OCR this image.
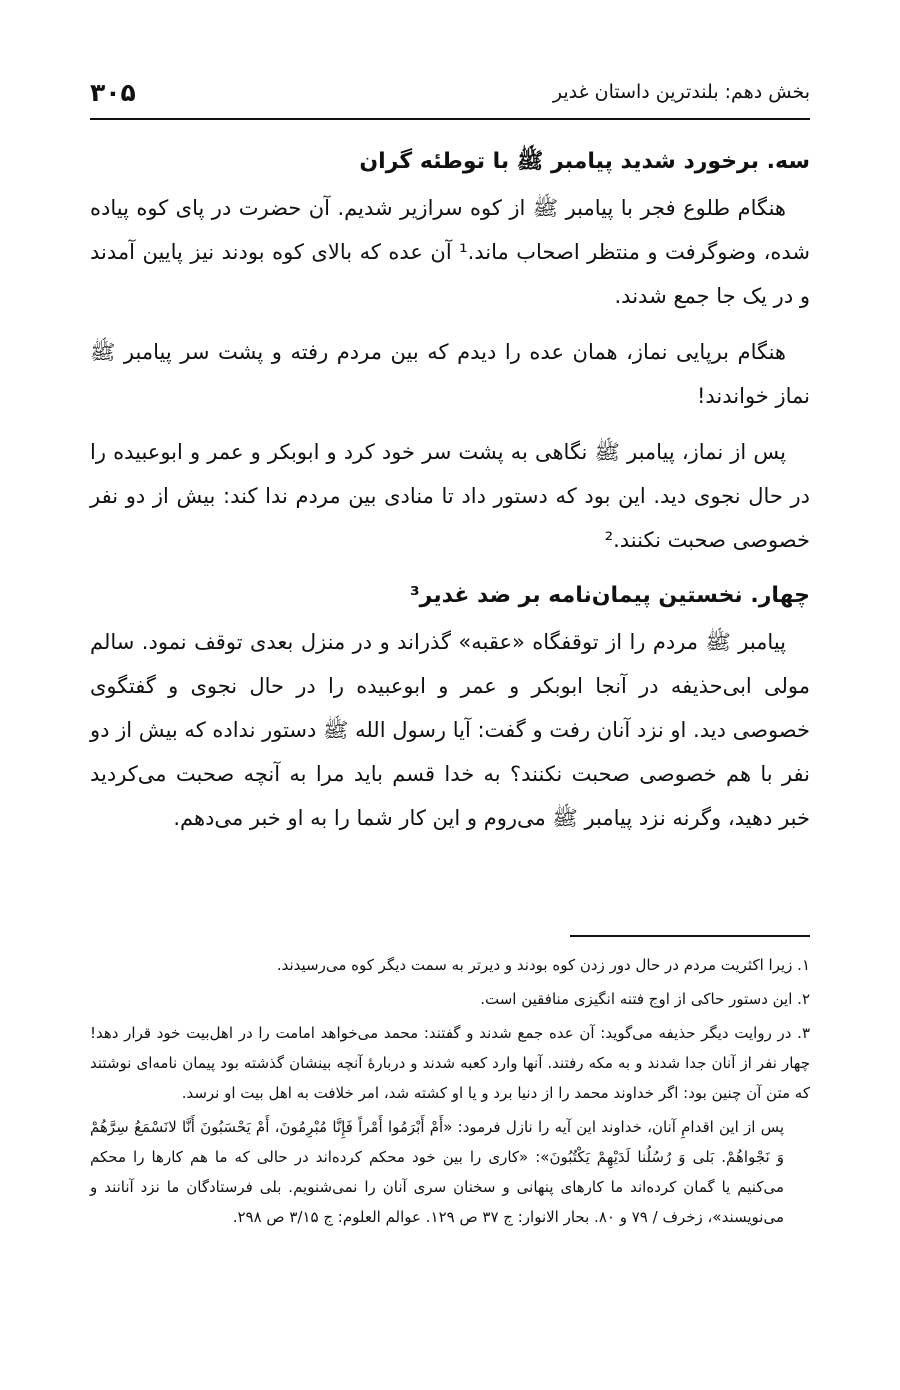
بخش دهم: بلندترین داستان غدیر
۳۰۵
سه. برخورد شدید پیامبر ﷺ با توطئه گران

هنگام طلوع فجر با پیامبر ﷺ از کوه سرازیر شدیم. آن حضرت در پای کوه پیاده شده، وضوگرفت و منتظر اصحاب ماند.¹ آن عده که بالای کوه بودند نیز پایین آمدند و در یک جا جمع شدند.

هنگام برپایی نماز، همان عده را دیدم که بین مردم رفته و پشت سر پیامبر ﷺ نماز خواندند!

پس از نماز، پیامبر ﷺ نگاهی به پشت سر خود کرد و ابوبکر و عمر و ابوعبیده را در حال نجوی دید. این بود که دستور داد تا منادی بین مردم ندا کند: بیش از دو نفر خصوصی صحبت نکنند.²

چهار. نخستین پیمان‌نامه بر ضد غدیر³

پیامبر ﷺ مردم را از توقفگاه «عقبه» گذراند و در منزل بعدی توقف نمود. سالم مولی ابی‌حذیفه در آنجا ابوبکر و عمر و ابوعبیده را در حال نجوی و گفتگوی خصوصی دید. او نزد آنان رفت و گفت: آیا رسول الله ﷺ دستور نداده که بیش از دو نفر با هم خصوصی صحبت نکنند؟ به خدا قسم باید مرا به آنچه صحبت می‌کردید خبر دهید، وگرنه نزد پیامبر ﷺ می‌روم و این کار شما را به او خبر می‌دهم.

۱. زیرا اکثریت مردم در حال دور زدن کوه بودند و دیرتر به سمت دیگر کوه می‌رسیدند.

۲. این دستور حاکی از اوج فتنه انگیزی منافقین است.

۳. در روایت دیگر حذیفه می‌گوید: آن عده جمع شدند و گفتند: محمد می‌خواهد امامت را در اهل‌بیت خود قرار دهد! چهار نفر از آنان جدا شدند و به مکه رفتند. آنها وارد کعبه شدند و دربارهٔ آنچه بینشان گذشته بود پیمان نامه‌ای نوشتند که متن آن چنین بود: اگر خداوند محمد را از دنیا برد و یا او کشته شد، امر خلافت به اهل بیت او نرسد.

پس از این اقدامِ آنان، خداوند این آیه را نازل فرمود: «أَمْ أَبْرَمُوا أَمْراً فَإِنَّا مُبْرِمُونَ، أَمْ يَحْسَبُونَ أَنَّا لانَسْمَعُ سِرَّهُمْ وَ نَجْواهُمْ. بَلى وَ رُسُلُنا لَدَيْهِمْ يَكْتُبُونَ»: «کاری را بین خود محکم کرده‌اند در حالی که ما هم کارها را محکم می‌کنیم یا گمان کرده‌اند ما کارهای پنهانی و سخنان سری آنان را نمی‌شنویم. بلی فرستادگان ما نزد آنانند و می‌نویسند»، زخرف / ۷۹ و ۸۰. بحار الانوار: ج ۳۷ ص ۱۲۹. عوالم العلوم: ج ۳/۱۵ ص ۲۹۸.
